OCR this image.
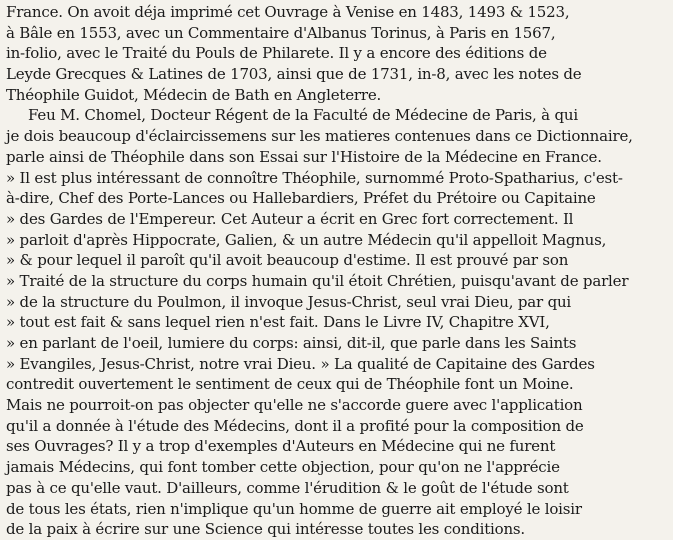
France. On avoit déja imprimé cet Ouvrage à Venise en 1483, 1493 & 1523,
à Bâle en 1553, avec un Commentaire d'Albanus Torinus, à Paris en 1567,
in-folio, avec le Traité du Pouls de Philarete. Il y a encore des éditions de
Leyde Grecques & Latines de 1703, ainsi que de 1731, in-8, avec les notes de
Théophile Guidot, Médecin de Bath en Angleterre.
Feu M. Chomel, Docteur Régent de la Faculté de Médecine de Paris, à qui
je dois beaucoup d'éclaircissemens sur les matieres contenues dans ce Dictionnaire,
parle ainsi de Théophile dans son Essai sur l'Histoire de la Médecine en France.
» Il est plus intéressant de connoître Théophile, surnommé Proto-Spatharius, c'est-
à-dire, Chef des Porte-Lances ou Hallebardiers, Préfet du Prétoire ou Capitaine
» des Gardes de l'Empereur. Cet Auteur a écrit en Grec fort correctement. Il
» parloit d'après Hippocrate, Galien, & un autre Médecin qu'il appelloit Magnus,
» & pour lequel il paroît qu'il avoit beaucoup d'estime. Il est prouvé par son
» Traité de la structure du corps humain qu'il étoit Chrétien, puisqu'avant de parler
» de la structure du Poulmon, il invoque Jesus-Christ, seul vrai Dieu, par qui
» tout est fait & sans lequel rien n'est fait. Dans le Livre IV, Chapitre XVI,
» en parlant de l'oeil, lumiere du corps: ainsi, dit-il, que parle dans les Saints
» Evangiles, Jesus-Christ, notre vrai Dieu. » La qualité de Capitaine des Gardes
contredit ouvertement le sentiment de ceux qui de Théophile font un Moine.
Mais ne pourroit-on pas objecter qu'elle ne s'accorde guere avec l'application
qu'il a donnée à l'étude des Médecins, dont il a profité pour la composition de
ses Ouvrages? Il y a trop d'exemples d'Auteurs en Médecine qui ne furent
jamais Médecins, qui font tomber cette objection, pour qu'on ne l'apprécie
pas à ce qu'elle vaut. D'ailleurs, comme l'érudition & le goût de l'étude sont
de tous les états, rien n'implique qu'un homme de guerre ait employé le loisir
de la paix à écrire sur une Science qui intéresse toutes les conditions.
